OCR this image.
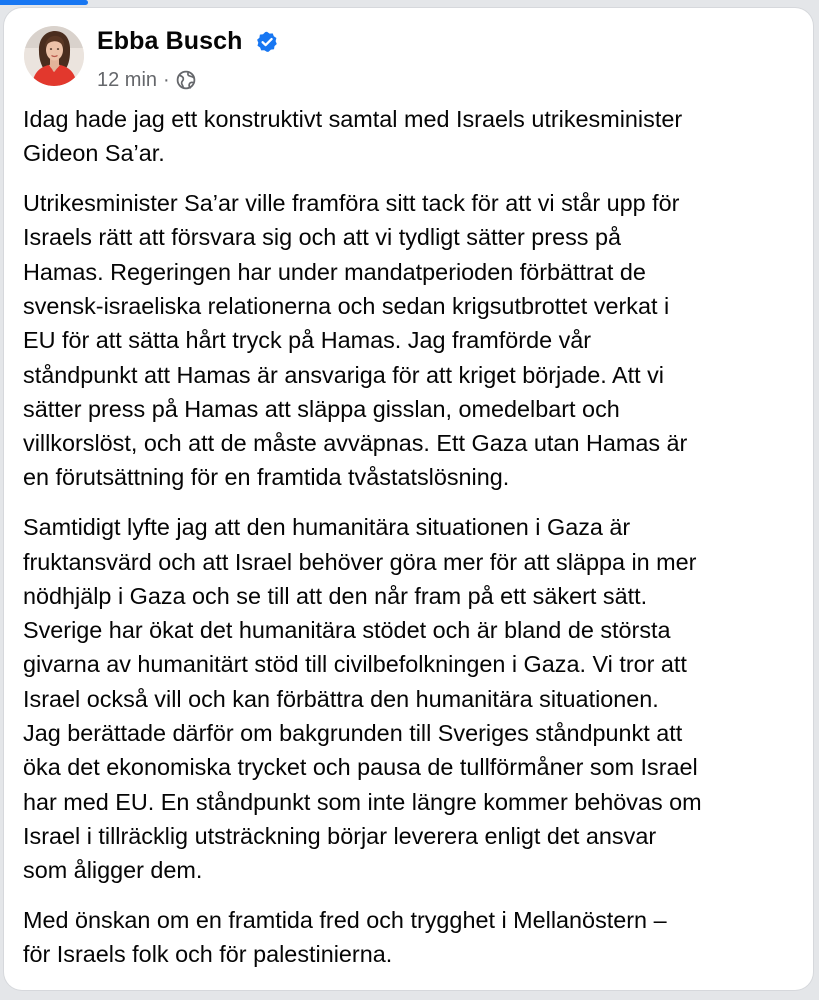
Ebba Busch
12 min ·

Idag hade jag ett konstruktivt samtal med Israels utrikesminister
Gideon Sa’ar.

Utrikesminister Sa’ar ville framföra sitt tack för att vi står upp för
Israels rätt att försvara sig och att vi tydligt sätter press på
Hamas. Regeringen har under mandatperioden förbättrat de
svensk-israeliska relationerna och sedan krigsutbrottet verkat i
EU för att sätta hårt tryck på Hamas. Jag framförde vår
ståndpunkt att Hamas är ansvariga för att kriget började. Att vi
sätter press på Hamas att släppa gisslan, omedelbart och
villkorslöst, och att de måste avväpnas. Ett Gaza utan Hamas är
en förutsättning för en framtida tvåstatslösning.

Samtidigt lyfte jag att den humanitära situationen i Gaza är
fruktansvärd och att Israel behöver göra mer för att släppa in mer
nödhjälp i Gaza och se till att den når fram på ett säkert sätt.
Sverige har ökat det humanitära stödet och är bland de största
givarna av humanitärt stöd till civilbefolkningen i Gaza. Vi tror att
Israel också vill och kan förbättra den humanitära situationen.
Jag berättade därför om bakgrunden till Sveriges ståndpunkt att
öka det ekonomiska trycket och pausa de tullförmåner som Israel
har med EU. En ståndpunkt som inte längre kommer behövas om
Israel i tillräcklig utsträckning börjar leverera enligt det ansvar
som åligger dem.

Med önskan om en framtida fred och trygghet i Mellanöstern –
för Israels folk och för palestinierna.
